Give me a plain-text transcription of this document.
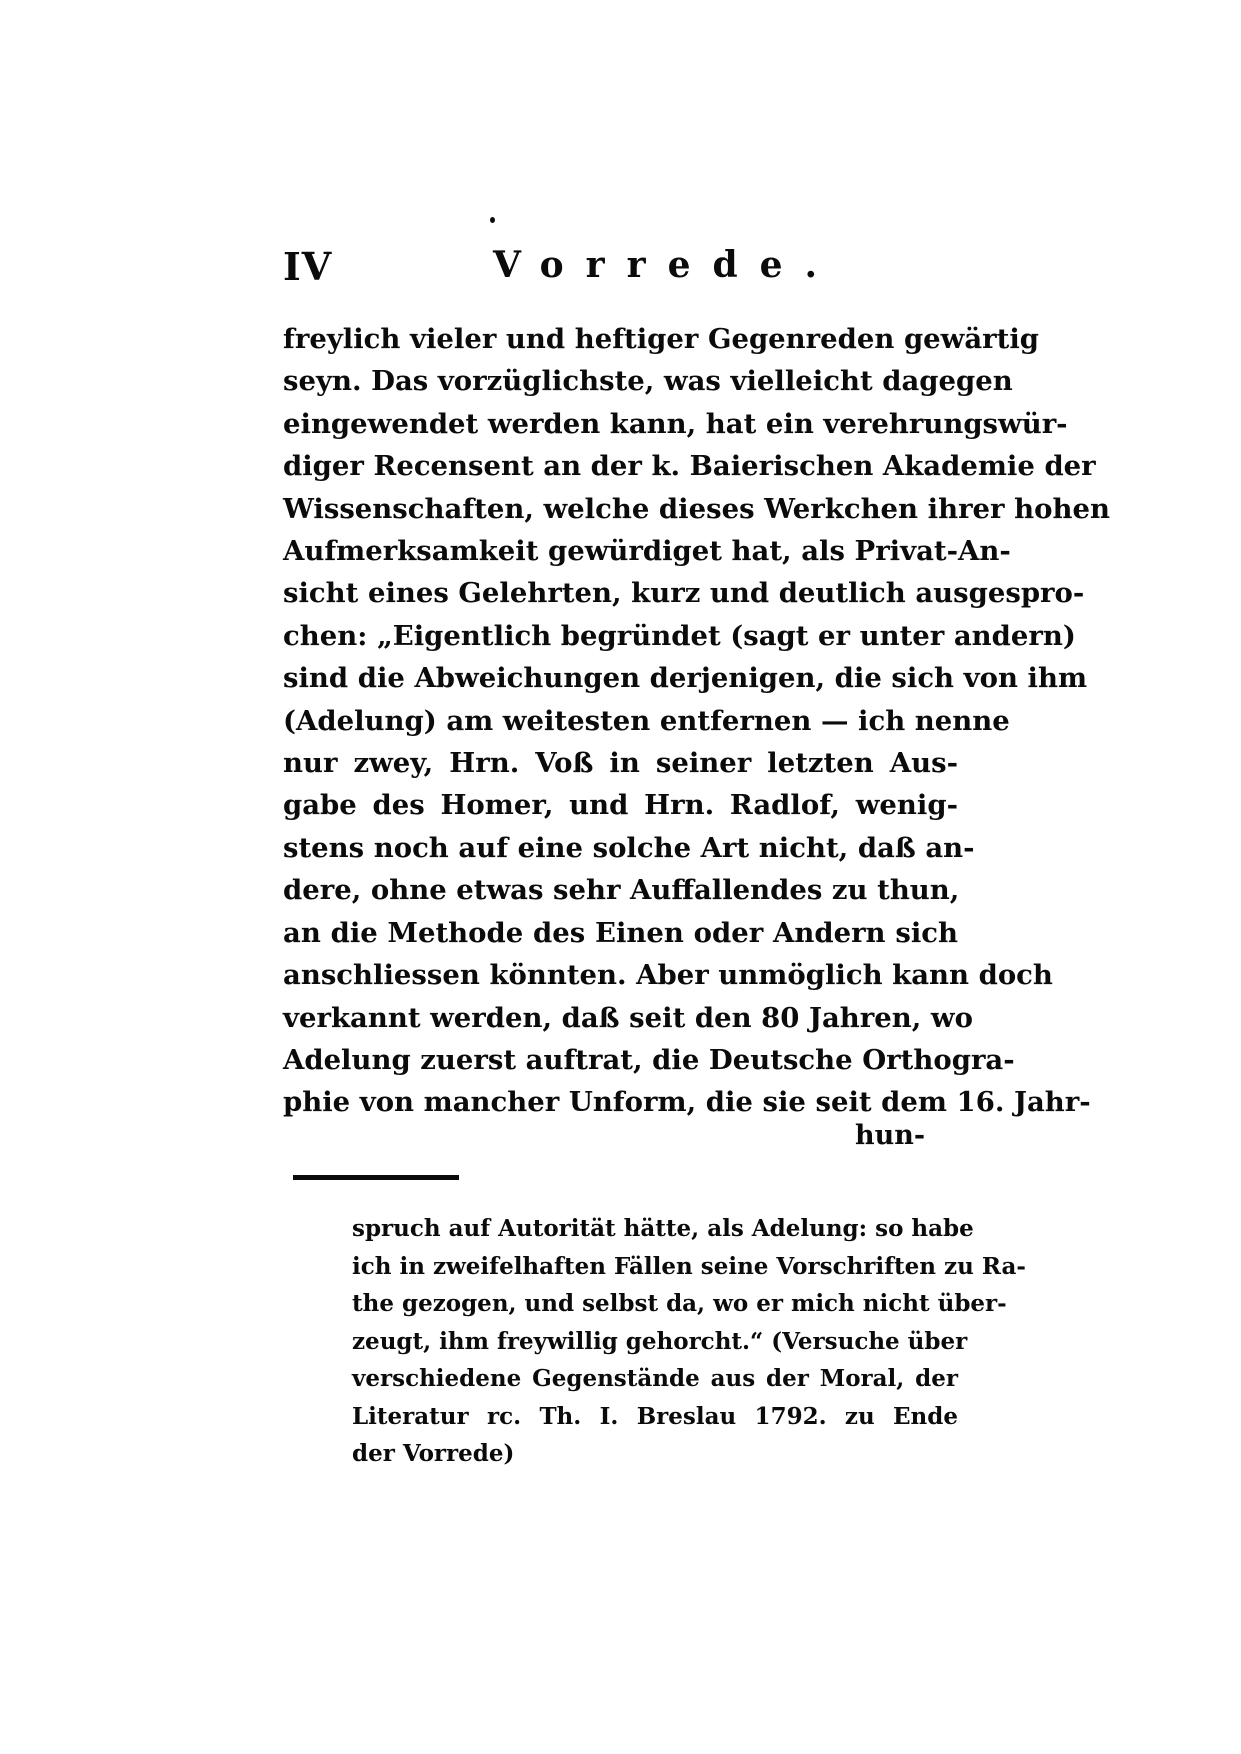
IV	Vorrede.
freylich vieler und heftiger Gegenreden gewärtig
seyn. Das vorzüglichste, was vielleicht dagegen
eingewendet werden kann, hat ein verehrungswür-
diger Recensent an der k. Baierischen Akademie der
Wissenschaften, welche dieses Werkchen ihrer hohen
Aufmerksamkeit gewürdiget hat, als Privat-An-
sicht eines Gelehrten, kurz und deutlich ausgespro-
chen: „Eigentlich begründet (sagt er unter andern)
sind die Abweichungen derjenigen, die sich von ihm
(Adelung) am weitesten entfernen — ich nenne
nur zwey, Hrn. Voß in seiner letzten Aus-
gabe des Homer, und Hrn. Radlof, wenig-
stens noch auf eine solche Art nicht, daß an-
dere, ohne etwas sehr Auffallendes zu thun,
an die Methode des Einen oder Andern sich
anschliessen könnten. Aber unmöglich kann doch
verkannt werden, daß seit den 80 Jahren, wo
Adelung zuerst auftrat, die Deutsche Orthogra-
phie von mancher Unform, die sie seit dem 16. Jahr-
hun-
spruch auf Autorität hätte, als Adelung: so habe
ich in zweifelhaften Fällen seine Vorschriften zu Ra-
the gezogen, und selbst da, wo er mich nicht über-
zeugt, ihm freywillig gehorcht.“ (Versuche über
verschiedene Gegenstände aus der Moral, der
Literatur rc. Th. I. Breslau 1792. zu Ende
der Vorrede)
